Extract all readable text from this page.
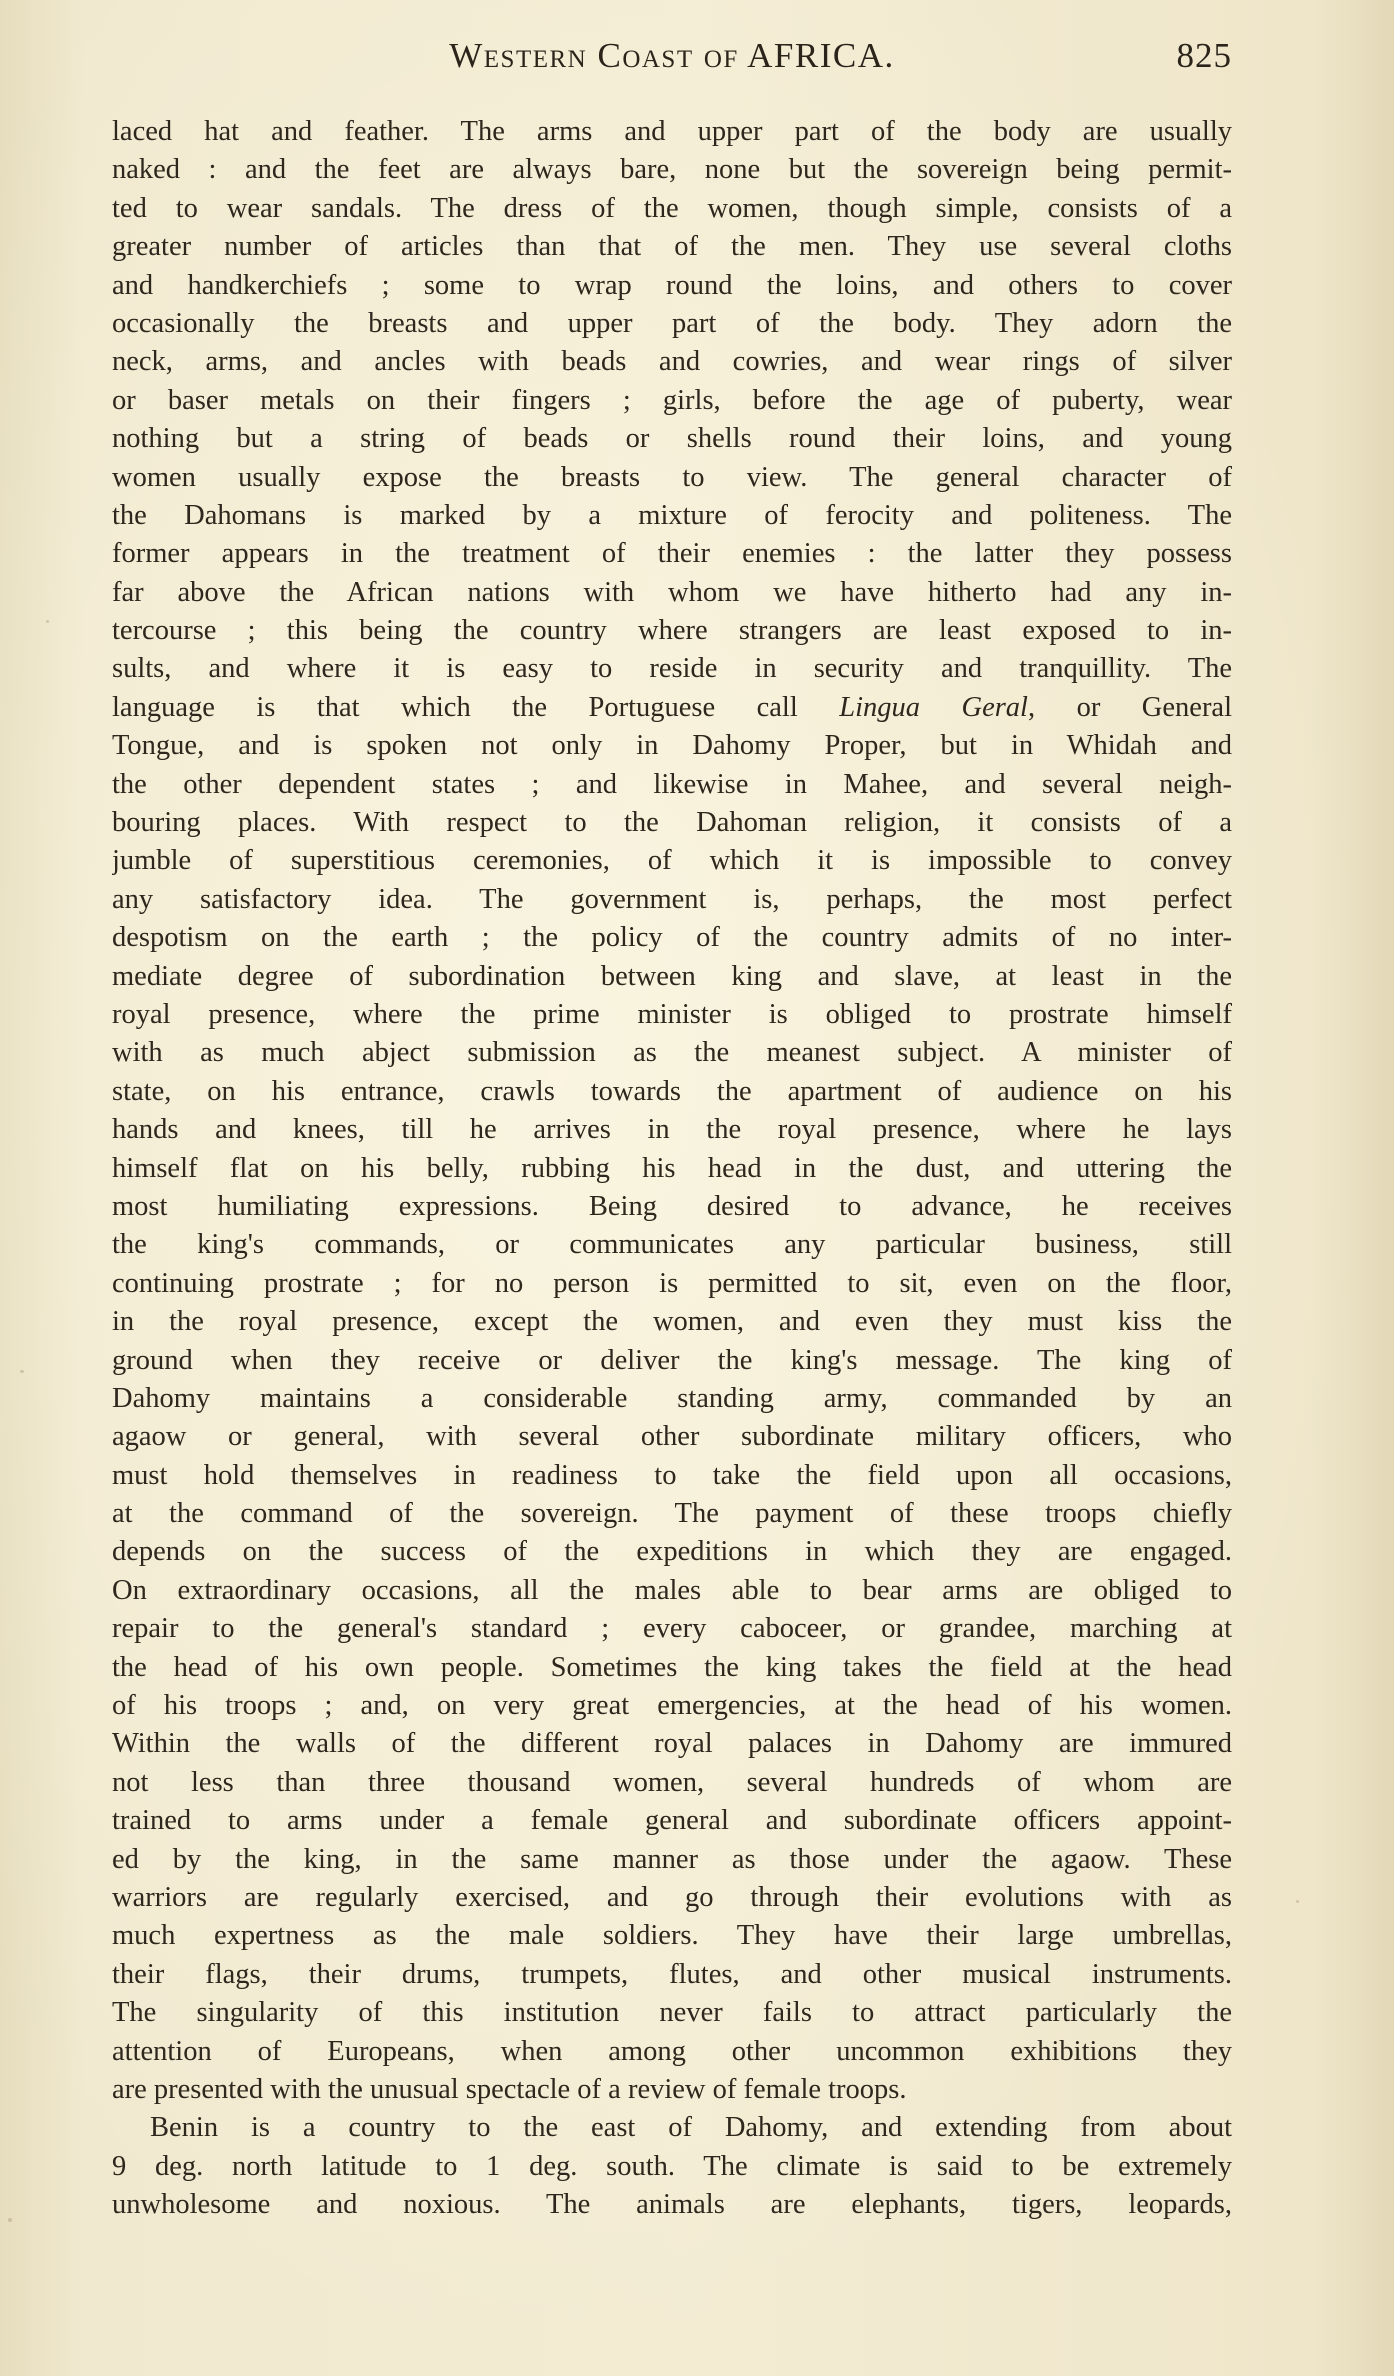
Western Coast of AFRICA.	825
laced hat and feather. The arms and upper part of the body are usually
naked : and the feet are always bare, none but the sovereign being permit-
ted to wear sandals. The dress of the women, though simple, consists of a
greater number of articles than that of the men. They use several cloths
and handkerchiefs ; some to wrap round the loins, and others to cover
occasionally the breasts and upper part of the body. They adorn the
neck, arms, and ancles with beads and cowries, and wear rings of silver
or baser metals on their fingers ; girls, before the age of puberty, wear
nothing but a string of beads or shells round their loins, and young
women usually expose the breasts to view. The general character of
the Dahomans is marked by a mixture of ferocity and politeness. The
former appears in the treatment of their enemies : the latter they possess
far above the African nations with whom we have hitherto had any in-
tercourse ; this being the country where strangers are least exposed to in-
sults, and where it is easy to reside in security and tranquillity. The
language is that which the Portuguese call Lingua Geral, or General
Tongue, and is spoken not only in Dahomy Proper, but in Whidah and
the other dependent states ; and likewise in Mahee, and several neigh-
bouring places. With respect to the Dahoman religion, it consists of a
jumble of superstitious ceremonies, of which it is impossible to convey
any satisfactory idea. The government is, perhaps, the most perfect
despotism on the earth ; the policy of the country admits of no inter-
mediate degree of subordination between king and slave, at least in the
royal presence, where the prime minister is obliged to prostrate himself
with as much abject submission as the meanest subject. A minister of
state, on his entrance, crawls towards the apartment of audience on his
hands and knees, till he arrives in the royal presence, where he lays
himself flat on his belly, rubbing his head in the dust, and uttering the
most humiliating expressions. Being desired to advance, he receives
the king's commands, or communicates any particular business, still
continuing prostrate ; for no person is permitted to sit, even on the floor,
in the royal presence, except the women, and even they must kiss the
ground when they receive or deliver the king's message. The king of
Dahomy maintains a considerable standing army, commanded by an
agaow or general, with several other subordinate military officers, who
must hold themselves in readiness to take the field upon all occasions,
at the command of the sovereign. The payment of these troops chiefly
depends on the success of the expeditions in which they are engaged.
On extraordinary occasions, all the males able to bear arms are obliged to
repair to the general's standard ; every caboceer, or grandee, marching at
the head of his own people. Sometimes the king takes the field at the head
of his troops ; and, on very great emergencies, at the head of his women.
Within the walls of the different royal palaces in Dahomy are immured
not less than three thousand women, several hundreds of whom are
trained to arms under a female general and subordinate officers appoint-
ed by the king, in the same manner as those under the agaow. These
warriors are regularly exercised, and go through their evolutions with as
much expertness as the male soldiers. They have their large umbrellas,
their flags, their drums, trumpets, flutes, and other musical instruments.
The singularity of this institution never fails to attract particularly the
attention of Europeans, when among other uncommon exhibitions they
are presented with the unusual spectacle of a review of female troops.
Benin is a country to the east of Dahomy, and extending from about
9 deg. north latitude to 1 deg. south. The climate is said to be extremely
unwholesome and noxious. The animals are elephants, tigers, leopards,
